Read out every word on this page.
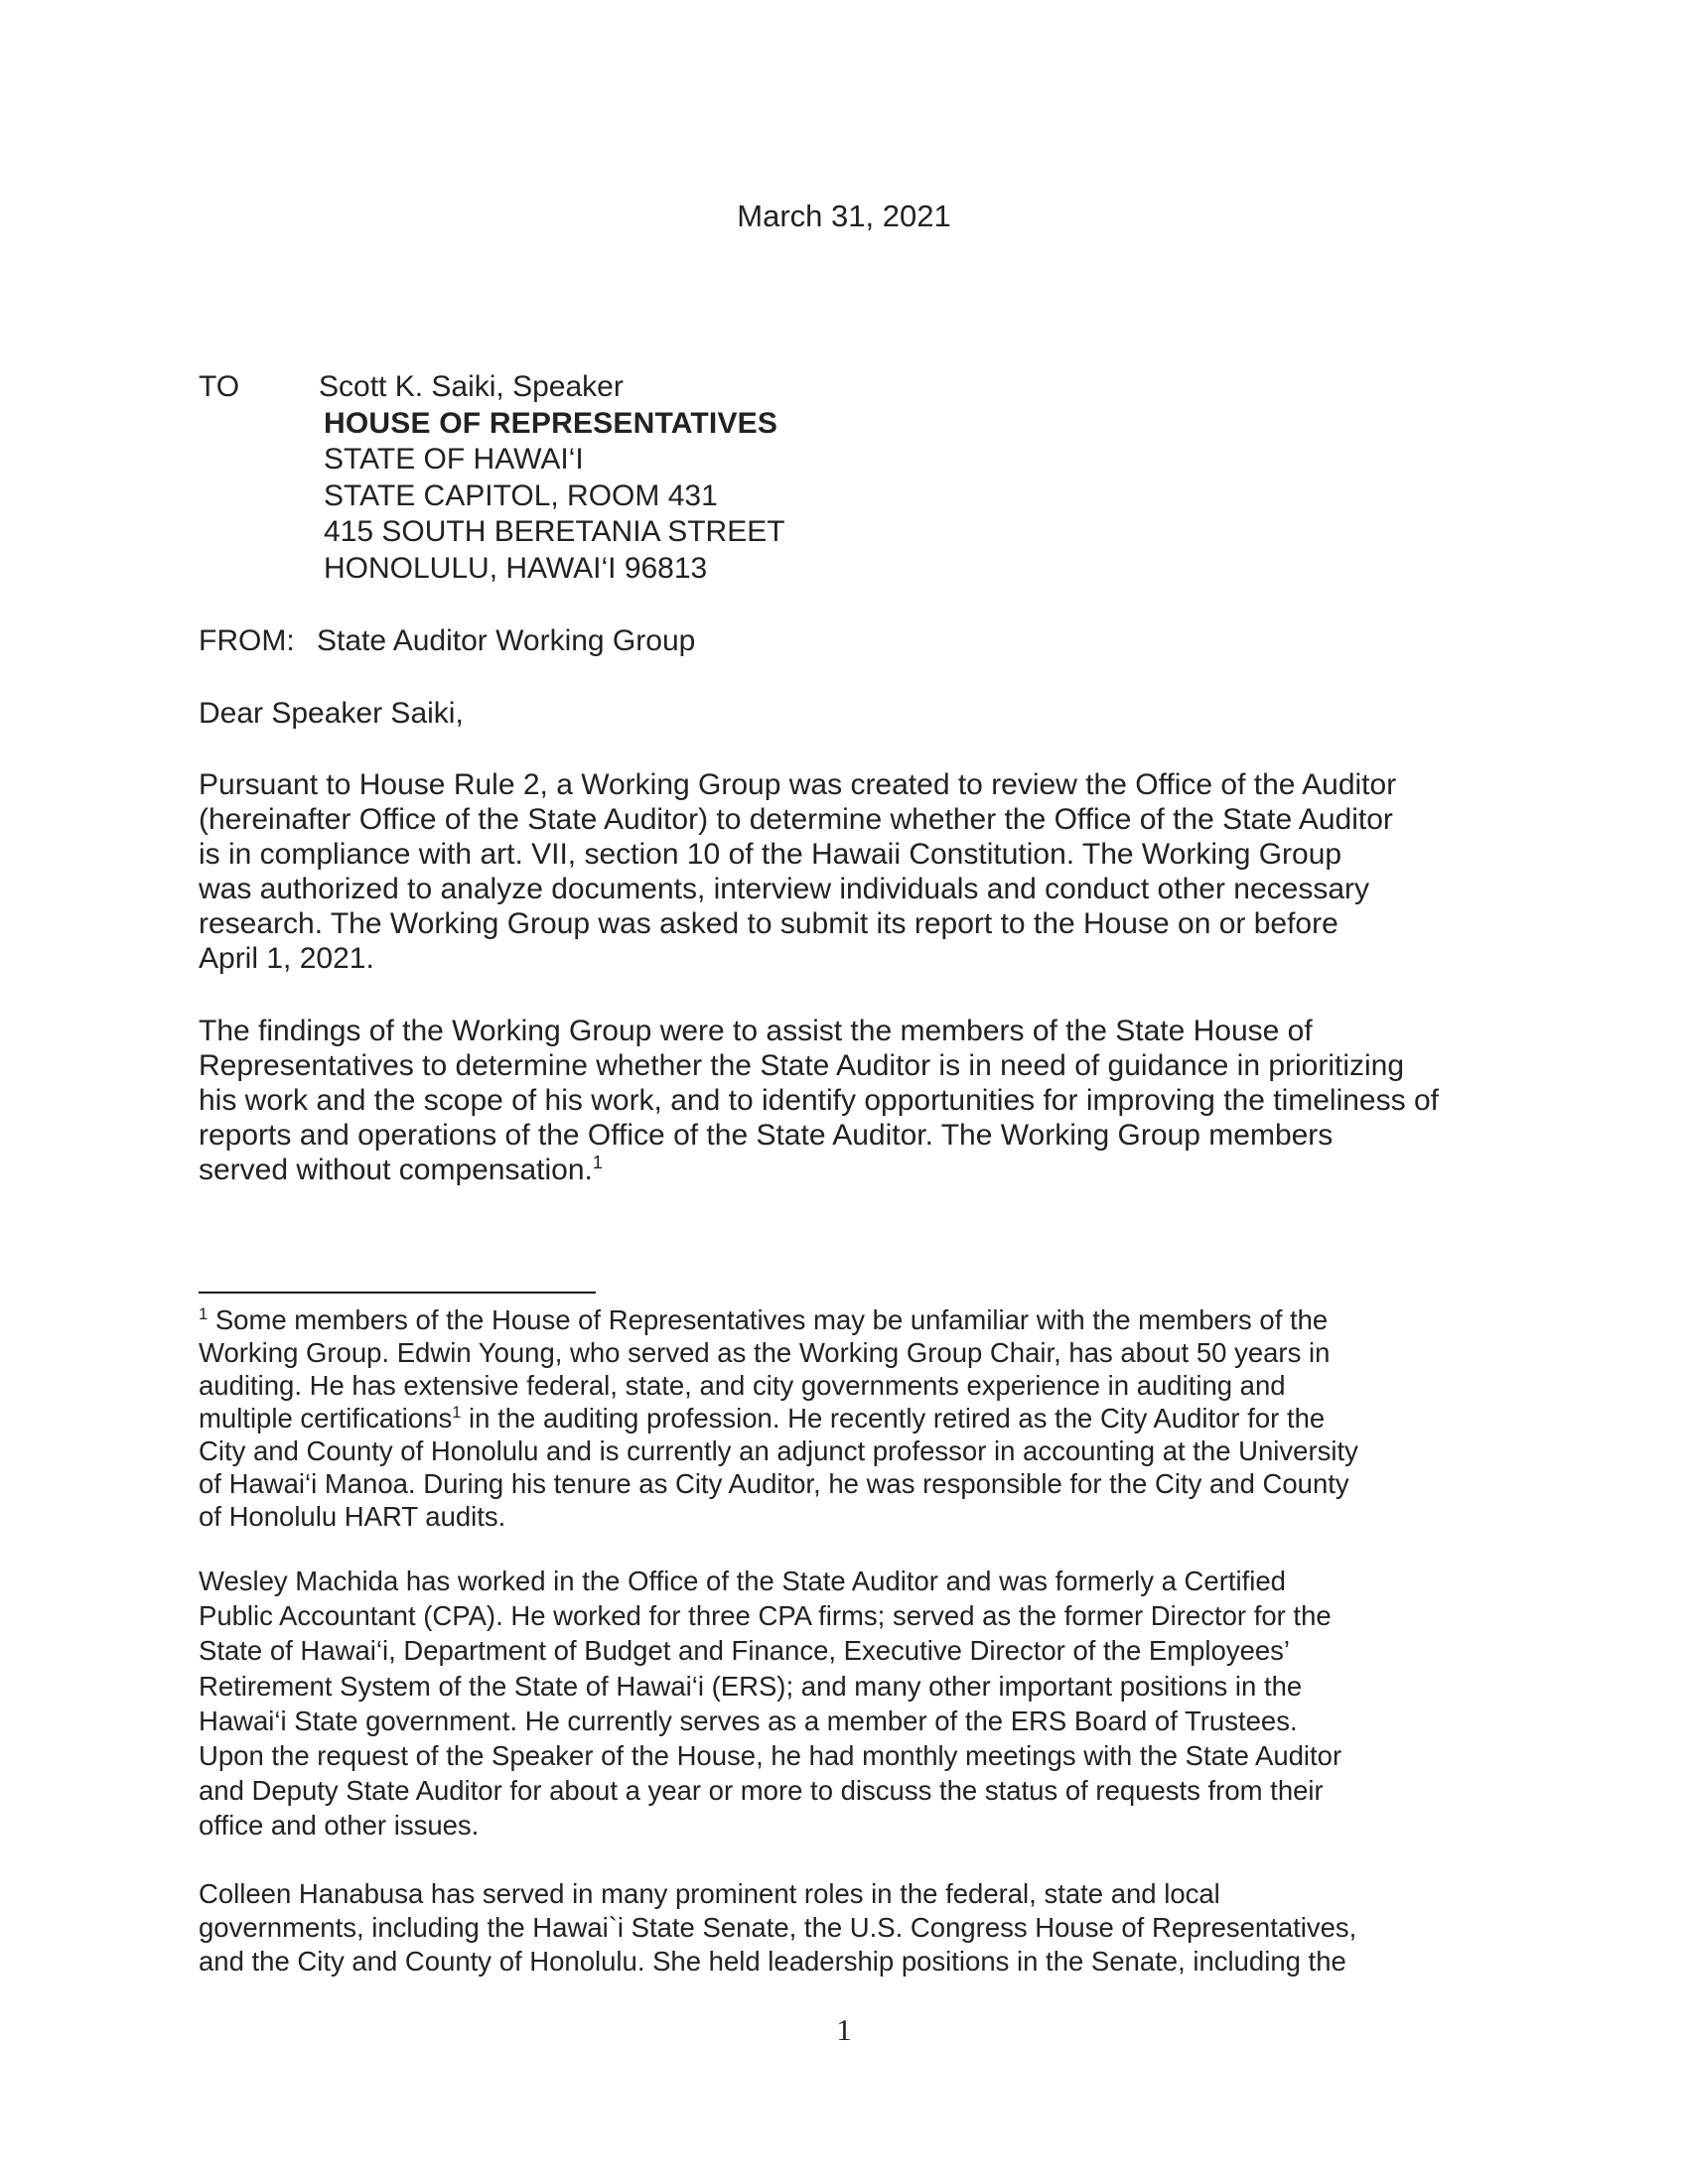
March 31, 2021
TO	Scott K. Saiki, Speaker
HOUSE OF REPRESENTATIVES
STATE OF HAWAI‘I
STATE CAPITOL, ROOM 431
415 SOUTH BERETANIA STREET
HONOLULU, HAWAI‘I 96813
FROM: State Auditor Working Group
Dear Speaker Saiki,
Pursuant to House Rule 2, a Working Group was created to review the Office of the Auditor
(hereinafter Office of the State Auditor) to determine whether the Office of the State Auditor
is in compliance with art. VII, section 10 of the Hawaii Constitution. The Working Group
was authorized to analyze documents, interview individuals and conduct other necessary
research. The Working Group was asked to submit its report to the House on or before
April 1, 2021.
The findings of the Working Group were to assist the members of the State House of
Representatives to determine whether the State Auditor is in need of guidance in prioritizing
his work and the scope of his work, and to identify opportunities for improving the timeliness of
reports and operations of the Office of the State Auditor. The Working Group members
served without compensation.$^1$
$^1$ Some members of the House of Representatives may be unfamiliar with the members of the
Working Group. Edwin Young, who served as the Working Group Chair, has about 50 years in
auditing. He has extensive federal, state, and city governments experience in auditing and
multiple certifications$^1$ in the auditing profession. He recently retired as the City Auditor for the
City and County of Honolulu and is currently an adjunct professor in accounting at the University
of Hawai‘i Manoa. During his tenure as City Auditor, he was responsible for the City and County
of Honolulu HART audits.
Wesley Machida has worked in the Office of the State Auditor and was formerly a Certified
Public Accountant (CPA). He worked for three CPA firms; served as the former Director for the
State of Hawai‘i, Department of Budget and Finance, Executive Director of the Employees’
Retirement System of the State of Hawai‘i (ERS); and many other important positions in the
Hawai‘i State government. He currently serves as a member of the ERS Board of Trustees.
Upon the request of the Speaker of the House, he had monthly meetings with the State Auditor
and Deputy State Auditor for about a year or more to discuss the status of requests from their
office and other issues.
Colleen Hanabusa has served in many prominent roles in the federal, state and local
governments, including the Hawai`i State Senate, the U.S. Congress House of Representatives,
and the City and County of Honolulu. She held leadership positions in the Senate, including the
1
